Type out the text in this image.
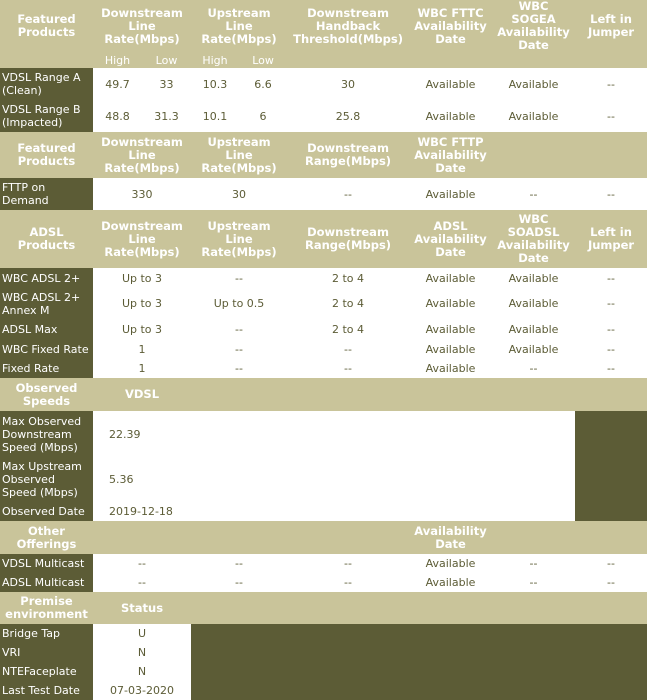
Featured Products	Downstream Line Rate(Mbps)		Upstream Line Rate(Mbps)		Downstream Handback Threshold(Mbps)	WBC FTTC Availability Date	WBC SOGEA Availability Date	Left in Jumper
	High	Low	High	Low				
VDSL Range A (Clean)	49.7	33	10.3	6.6	30	Available	Available	--
VDSL Range B (Impacted)	48.8	31.3	10.1	6	25.8	Available	Available	--
Featured Products	Downstream Line Rate(Mbps)		Upstream Line Rate(Mbps)		Downstream Range(Mbps)	WBC FTTP Availability Date		
FTTP on Demand	330		30		--	Available	--	--
ADSL Products	Downstream Line Rate(Mbps)		Upstream Line Rate(Mbps)		Downstream Range(Mbps)	ADSL Availability Date	WBC SOADSL Availability Date	Left in Jumper
WBC ADSL 2+	Up to 3		--		2 to 4	Available	Available	--
WBC ADSL 2+ Annex M	Up to 3		Up to 0.5		2 to 4	Available	Available	--
ADSL Max	Up to 3		--		2 to 4	Available	Available	--
WBC Fixed Rate	1		--		--	Available	Available	--
Fixed Rate	1		--		--	Available	--	--
Observed Speeds	VDSL							
Max Observed Downstream Speed (Mbps)	22.39							
Max Upstream Observed Speed (Mbps)	5.36							
Observed Date	2019-12-18							
Other Offerings						Availability Date		
VDSL Multicast	--		--		--	Available	--	--
ADSL Multicast	--		--		--	Available	--	--
Premise environment	Status							
Bridge Tap	U							
VRI	N							
NTEFaceplate	N							
Last Test Date	07-03-2020							
